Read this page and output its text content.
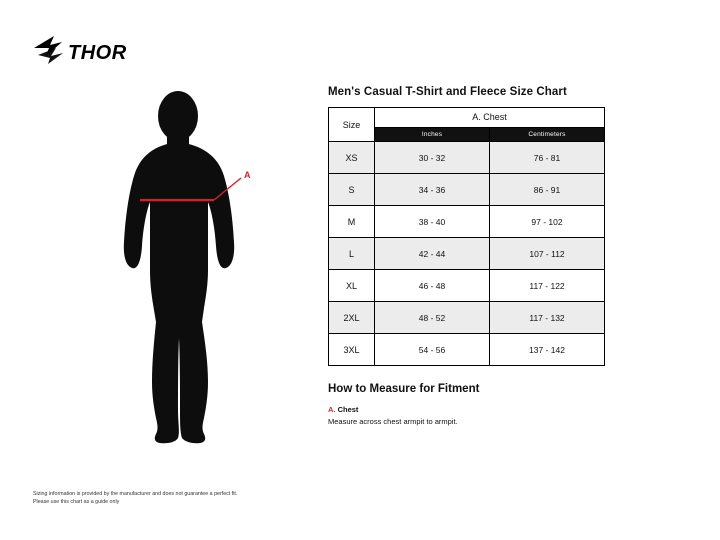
THOR
A
Men's Casual T-Shirt and Fleece Size Chart
Size	A. Chest	
	Inches	Centimeters
XS	30 - 32	76 - 81
S	34 - 36	86 - 91
M	38 - 40	97 - 102
L	42 - 44	107 - 112
XL	46 - 48	117 - 122
2XL	48 - 52	117 - 132
3XL	54 - 56	137 - 142
How to Measure for Fitment
A. Chest
Measure across chest armpit to armpit.
Sizing information is provided by the manufacturer and does not guarantee a perfect fit.
Please use this chart as a guide only
